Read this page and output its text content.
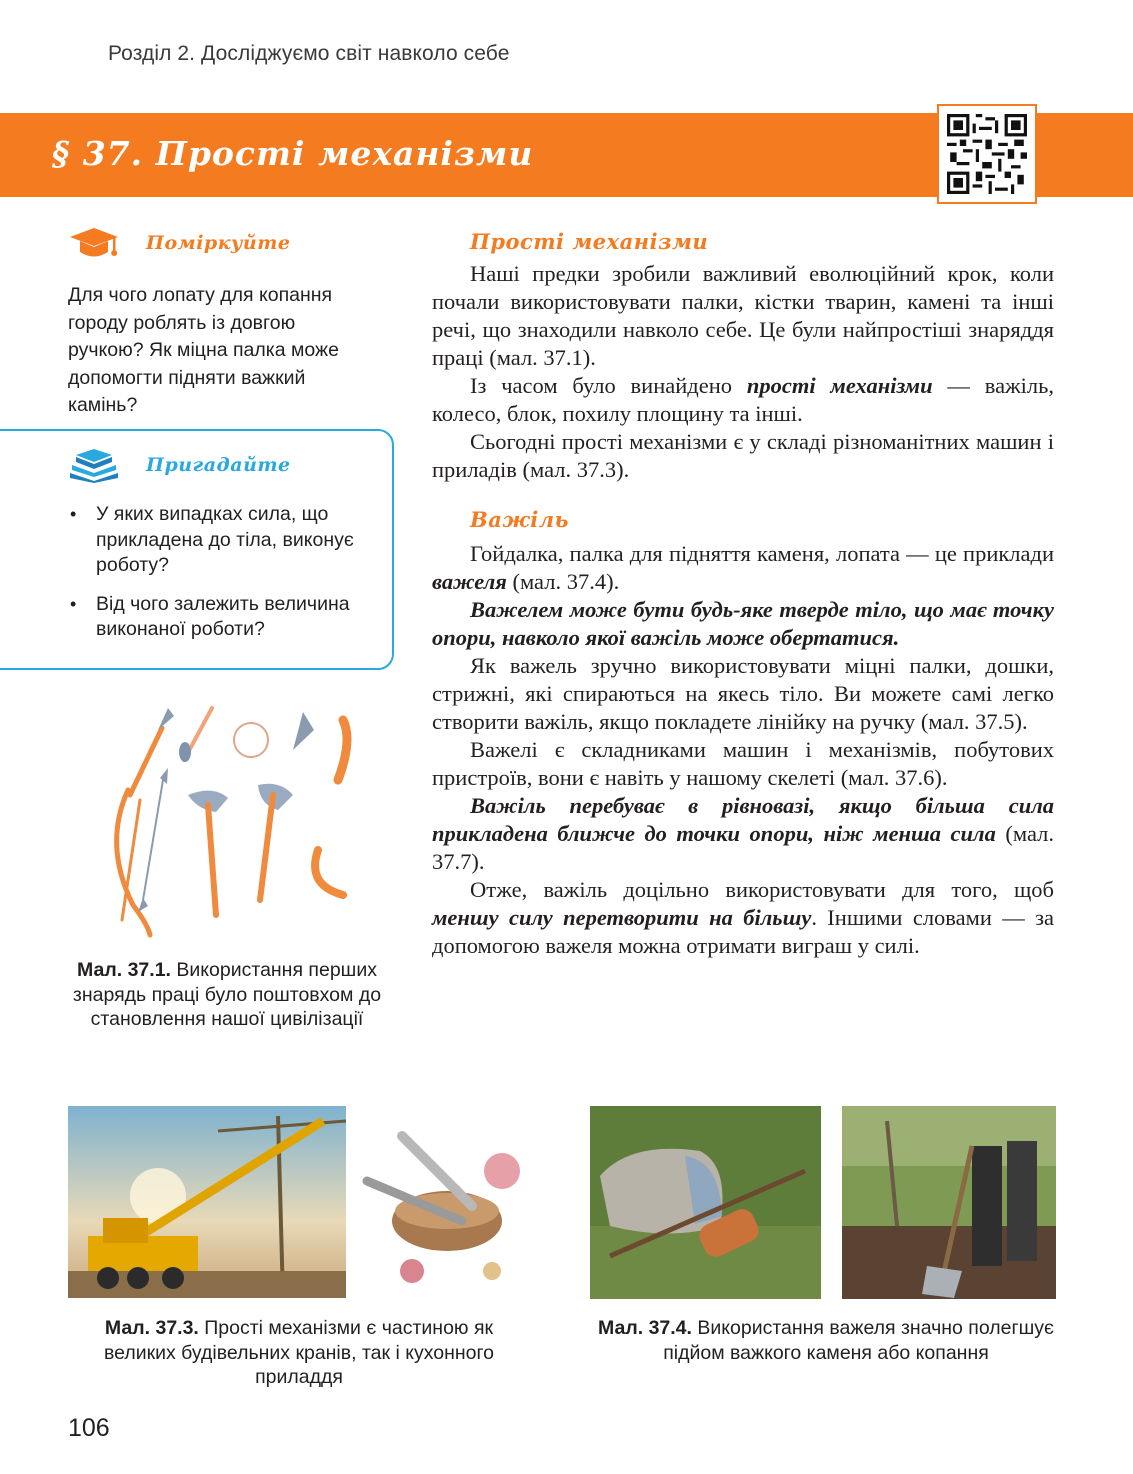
Розділ 2. Досліджуємо світ навколо себе
§ 37. Прості механізми
Поміркуйте
Для чого лопату для копання городу роблять із довгою ручкою? Як міцна палка може допомогти підняти важкий камінь?
Пригадайте
• У яких випадках сила, що прикладена до тіла, виконує роботу?
• Від чого залежить величина виконаної роботи?
Мал. 37.1. Використання перших знарядь праці було поштовхом до становлення нашої цивілізації
Прості механізми

Наші предки зробили важливий еволюційний крок, коли почали використовувати палки, кістки тварин, камені та інші речі, що знаходили навколо себе. Це були найпростіші знаряддя праці (мал. 37.1).

Із часом було винайдено прості механізми — важіль, колесо, блок, похилу площину та інші.

Сьогодні прості механізми є у складі різноманітних машин і приладів (мал. 37.3).

Важіль

Гойдалка, палка для підняття каменя, лопата — це приклади важеля (мал. 37.4).

Важелем може бути будь-яке тверде тіло, що має точку опори, навколо якої важіль може обертатися.

Як важель зручно використовувати міцні палки, дошки, стрижні, які спираються на якесь тіло. Ви можете самі легко створити важіль, якщо покладете лінійку на ручку (мал. 37.5).

Важелі є складниками машин і механізмів, побутових пристроїв, вони є навіть у нашому скелеті (мал. 37.6).

Важіль перебуває в рівновазі, якщо більша сила прикладена ближче до точки опори, ніж менша сила (мал. 37.7).

Отже, важіль доцільно використовувати для того, щоб меншу силу перетворити на більшу. Іншими словами — за допомогою важеля можна отримати виграш у силі.

Мал. 37.3. Прості механізми є частиною як великих будівельних кранів, так і кухонного приладдя
Мал. 37.4. Використання важеля значно полегшує підйом важкого каменя або копання
106
